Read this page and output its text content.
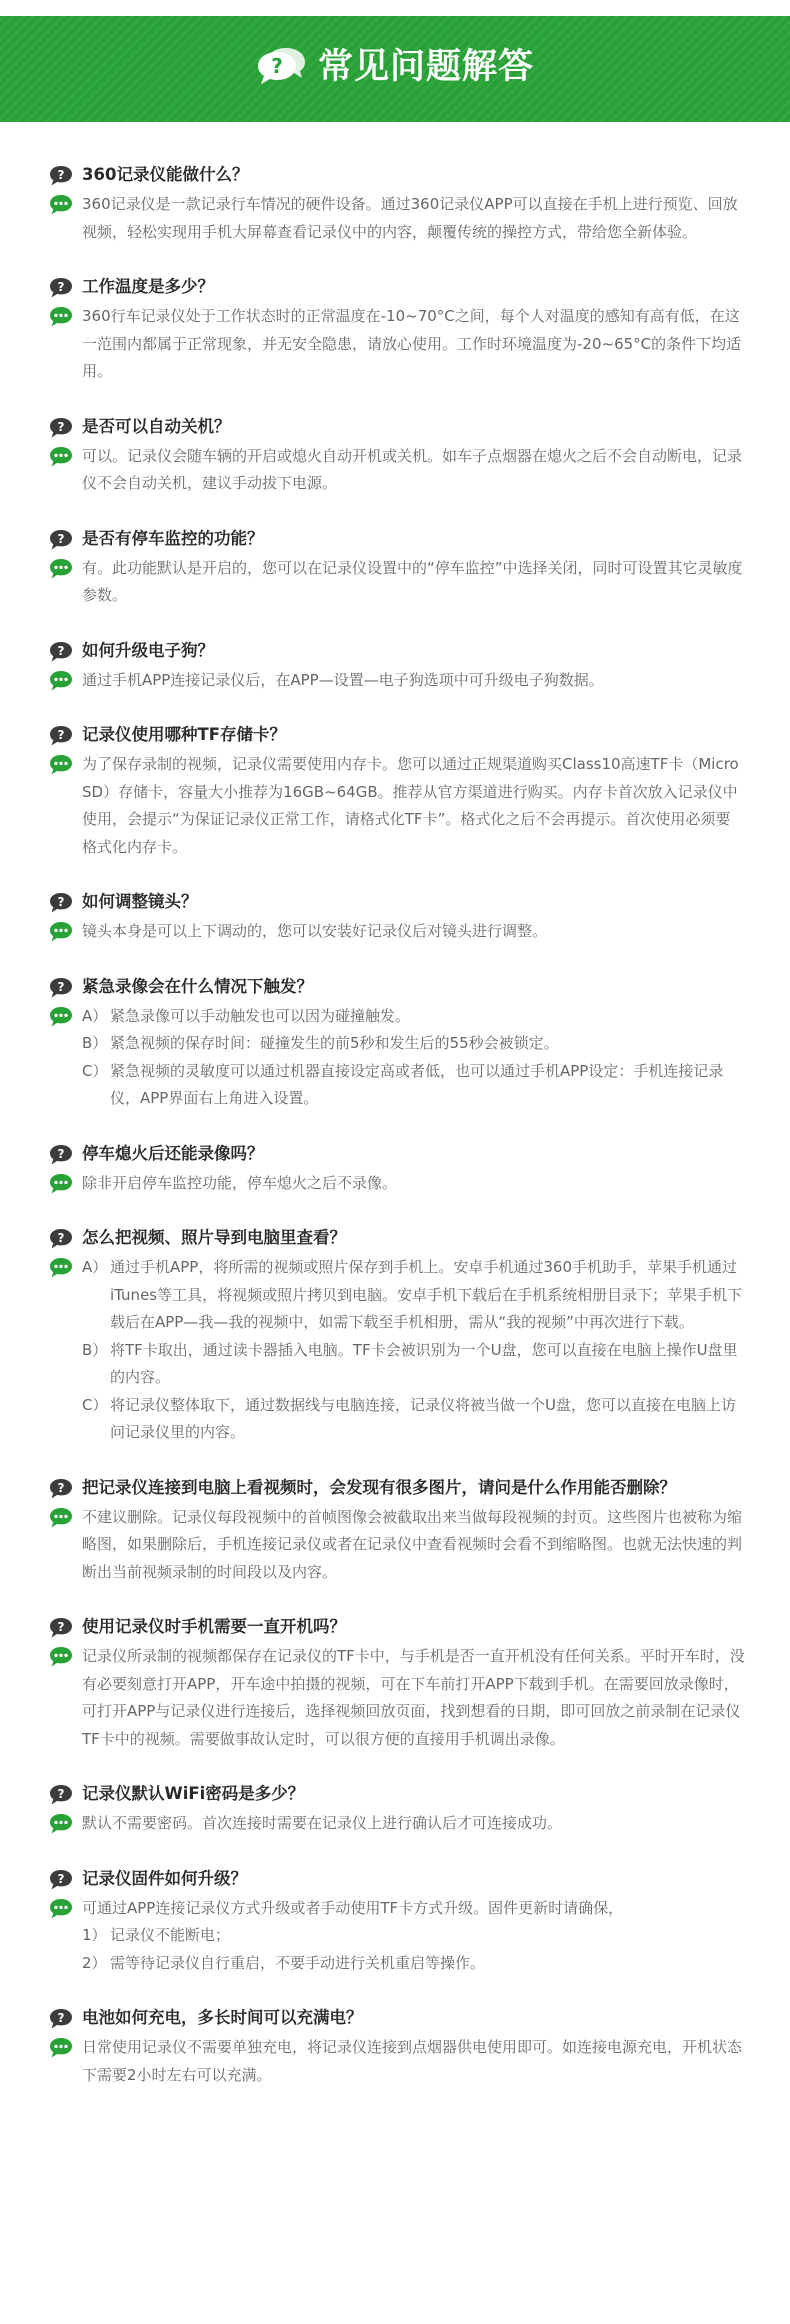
? 常见问题解答
? 360记录仪能做什么？
360记录仪是一款记录行车情况的硬件设备。通过360记录仪APP可以直接在手机上进行预览、回放视频，轻松实现用手机大屏幕查看记录仪中的内容，颠覆传统的操控方式，带给您全新体验。
? 工作温度是多少？
360行车记录仪处于工作状态时的正常温度在-10~70°C之间，每个人对温度的感知有高有低，在这一范围内都属于正常现象，并无安全隐患，请放心使用。工作时环境温度为-20~65°C的条件下均适用。
? 是否可以自动关机？
可以。记录仪会随车辆的开启或熄火自动开机或关机。如车子点烟器在熄火之后不会自动断电，记录仪不会自动关机，建议手动拔下电源。
? 是否有停车监控的功能？
有。此功能默认是开启的，您可以在记录仪设置中的“停车监控”中选择关闭，同时可设置其它灵敏度参数。
? 如何升级电子狗？
通过手机APP连接记录仪后，在APP—设置—电子狗选项中可升级电子狗数据。
? 记录仪使用哪种TF存储卡？
为了保存录制的视频，记录仪需要使用内存卡。您可以通过正规渠道购买Class10高速TF卡（Micro SD）存储卡，容量大小推荐为16GB~64GB。推荐从官方渠道进行购买。内存卡首次放入记录仪中使用，会提示“为保证记录仪正常工作，请格式化TF卡”。格式化之后不会再提示。首次使用必须要格式化内存卡。
? 如何调整镜头？
镜头本身是可以上下调动的，您可以安装好记录仪后对镜头进行调整。
? 紧急录像会在什么情况下触发？
A） 紧急录像可以手动触发也可以因为碰撞触发。
B） 紧急视频的保存时间：碰撞发生的前5秒和发生后的55秒会被锁定。
C） 紧急视频的灵敏度可以通过机器直接设定高或者低，也可以通过手机APP设定：手机连接记录仪，APP界面右上角进入设置。
? 停车熄火后还能录像吗？
除非开启停车监控功能，停车熄火之后不录像。
? 怎么把视频、照片导到电脑里查看？
A） 通过手机APP，将所需的视频或照片保存到手机上。安卓手机通过360手机助手，苹果手机通过iTunes等工具，将视频或照片拷贝到电脑。安卓手机下载后在手机系统相册目录下；苹果手机下载后在APP—我—我的视频中，如需下载至手机相册，需从“我的视频”中再次进行下载。
B） 将TF卡取出，通过读卡器插入电脑。TF卡会被识别为一个U盘，您可以直接在电脑上操作U盘里的内容。
C） 将记录仪整体取下，通过数据线与电脑连接，记录仪将被当做一个U盘，您可以直接在电脑上访问记录仪里的内容。
? 把记录仪连接到电脑上看视频时，会发现有很多图片，请问是什么作用能否删除？
不建议删除。记录仪每段视频中的首帧图像会被截取出来当做每段视频的封页。这些图片也被称为缩略图，如果删除后，手机连接记录仪或者在记录仪中查看视频时会看不到缩略图。也就无法快速的判断出当前视频录制的时间段以及内容。
? 使用记录仪时手机需要一直开机吗？
记录仪所录制的视频都保存在记录仪的TF卡中，与手机是否一直开机没有任何关系。平时开车时，没有必要刻意打开APP，开车途中拍摄的视频，可在下车前打开APP下载到手机。在需要回放录像时，可打开APP与记录仪进行连接后，选择视频回放页面，找到想看的日期，即可回放之前录制在记录仪TF卡中的视频。需要做事故认定时，可以很方便的直接用手机调出录像。
? 记录仪默认WiFi密码是多少？
默认不需要密码。首次连接时需要在记录仪上进行确认后才可连接成功。
? 记录仪固件如何升级？
可通过APP连接记录仪方式升级或者手动使用TF卡方式升级。固件更新时请确保，
1） 记录仪不能断电；
2） 需等待记录仪自行重启，不要手动进行关机重启等操作。
? 电池如何充电，多长时间可以充满电？
日常使用记录仪不需要单独充电，将记录仪连接到点烟器供电使用即可。如连接电源充电，开机状态下需要2小时左右可以充满。
